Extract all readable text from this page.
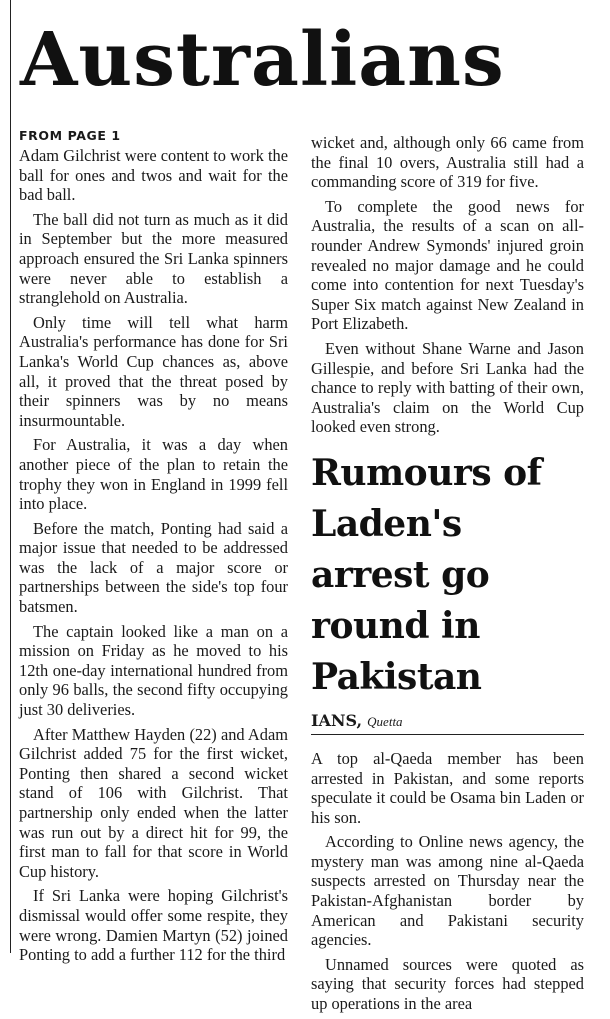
Australians
FROM PAGE 1

Adam Gilchrist were content to work the ball for ones and twos and wait for the bad ball.

The ball did not turn as much as it did in September but the more measured approach ensured the Sri Lanka spinners were never able to establish a stranglehold on Australia.

Only time will tell what harm Australia's performance has done for Sri Lanka's World Cup chances as, above all, it proved that the threat posed by their spinners was by no means insurmountable.

For Australia, it was a day when another piece of the plan to retain the trophy they won in England in 1999 fell into place.

Before the match, Ponting had said a major issue that needed to be addressed was the lack of a major score or partnerships between the side's top four batsmen.

The captain looked like a man on a mission on Friday as he moved to his 12th one-day international hundred from only 96 balls, the second fifty occupying just 30 deliveries.

After Matthew Hayden (22) and Adam Gilchrist added 75 for the first wicket, Ponting then shared a second wicket stand of 106 with Gilchrist. That partnership only ended when the latter was run out by a direct hit for 99, the first man to fall for that score in World Cup history.

If Sri Lanka were hoping Gilchrist's dismissal would offer some respite, they were wrong. Damien Martyn (52) joined Ponting to add a further 112 for the third

wicket and, although only 66 came from the final 10 overs, Australia still had a commanding score of 319 for five.

To complete the good news for Australia, the results of a scan on all-rounder Andrew Symonds' injured groin revealed no major damage and he could come into contention for next Tuesday's Super Six match against New Zealand in Port Elizabeth.

Even without Shane Warne and Jason Gillespie, and before Sri Lanka had the chance to reply with batting of their own, Australia's claim on the World Cup looked even strong.

Rumours of Laden's arrest go round in Pakistan
IANS, Quetta

A top al-Qaeda member has been arrested in Pakistan, and some reports speculate it could be Osama bin Laden or his son.

According to Online news agency, the mystery man was among nine al-Qaeda suspects arrested on Thursday near the Pakistan-Afghanistan border by American and Pakistani security agencies.

Unnamed sources were quoted as saying that security forces had stepped up operations in the area
